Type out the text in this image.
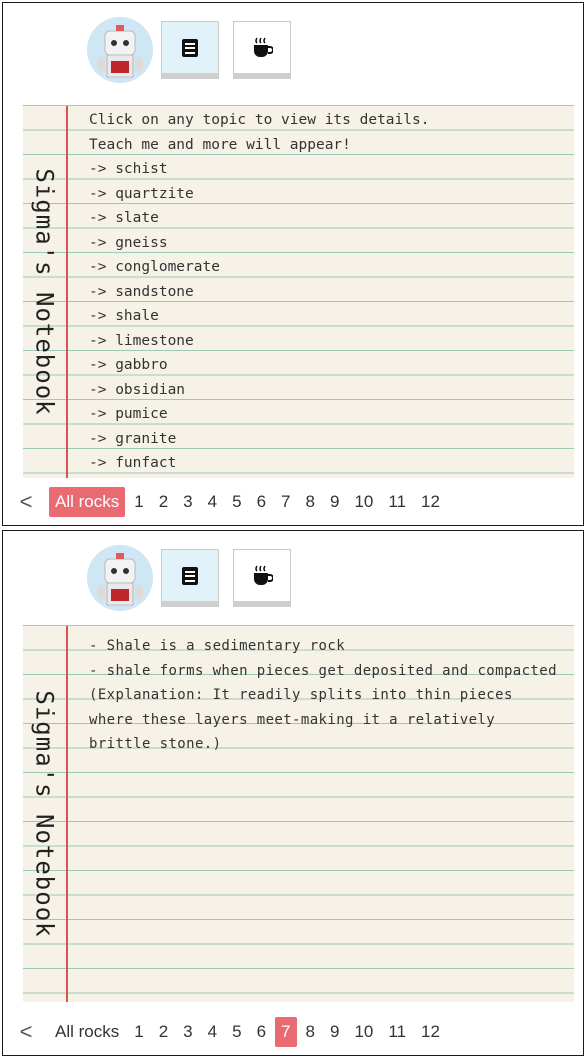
Sigma's Notebook
Click on any topic to view its details.
Teach me and more will appear!
-> schist
-> quartzite
-> slate
-> gneiss
-> conglomerate
-> sandstone
-> shale
-> limestone
-> gabbro
-> obsidian
-> pumice
-> granite
-> funfact
<	All rocks 1 2 3 4 5 6 7 8 9 10 11 12
Sigma's Notebook
- Shale is a sedimentary rock
- shale forms when pieces get deposited and compacted (Explanation: It readily splits into thin pieces where these layers meet-making it a relatively brittle stone.)
<	All rocks 1 2 3 4 5 6 7 8 9 10 11 12
